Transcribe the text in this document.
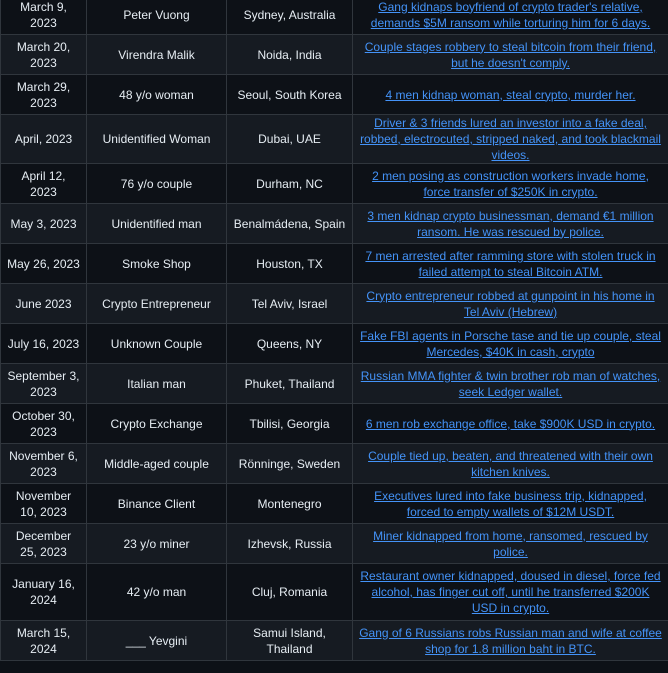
March 9, 2023	Peter Vuong	Sydney, Australia	Gang kidnaps boyfriend of crypto trader's relative, demands $5M ransom while torturing him for 6 days.
March 20, 2023	Virendra Malik	Noida, India	Couple stages robbery to steal bitcoin from their friend, but he doesn't comply.
March 29, 2023	48 y/o woman	Seoul, South Korea	4 men kidnap woman, steal crypto, murder her.
April, 2023	Unidentified Woman	Dubai, UAE	Driver & 3 friends lured an investor into a fake deal, robbed, electrocuted, stripped naked, and took blackmail videos.
April 12, 2023	76 y/o couple	Durham, NC	2 men posing as construction workers invade home, force transfer of $250K in crypto.
May 3, 2023	Unidentified man	Benalmádena, Spain	3 men kidnap crypto businessman, demand €1 million ransom. He was rescued by police.
May 26, 2023	Smoke Shop	Houston, TX	7 men arrested after ramming store with stolen truck in failed attempt to steal Bitcoin ATM.
June 2023	Crypto Entrepreneur	Tel Aviv, Israel	Crypto entrepreneur robbed at gunpoint in his home in Tel Aviv (Hebrew)
July 16, 2023	Unknown Couple	Queens, NY	Fake FBI agents in Porsche tase and tie up couple, steal Mercedes, $40K in cash, crypto
September 3, 2023	Italian man	Phuket, Thailand	Russian MMA fighter & twin brother rob man of watches, seek Ledger wallet.
October 30, 2023	Crypto Exchange	Tbilisi, Georgia	6 men rob exchange office, take $900K USD in crypto.
November 6, 2023	Middle-aged couple	Rönninge, Sweden	Couple tied up, beaten, and threatened with their own kitchen knives.
November 10, 2023	Binance Client	Montenegro	Executives lured into fake business trip, kidnapped, forced to empty wallets of $12M USDT.
December 25, 2023	23 y/o miner	Izhevsk, Russia	Miner kidnapped from home, ransomed, rescued by police.
January 16, 2024	42 y/o man	Cluj, Romania	Restaurant owner kidnapped, doused in diesel, force fed alcohol, has finger cut off, until he transferred $200K USD in crypto.
March 15, 2024	___ Yevgini	Samui Island, Thailand	Gang of 6 Russians robs Russian man and wife at coffee shop for 1.8 million baht in BTC.
